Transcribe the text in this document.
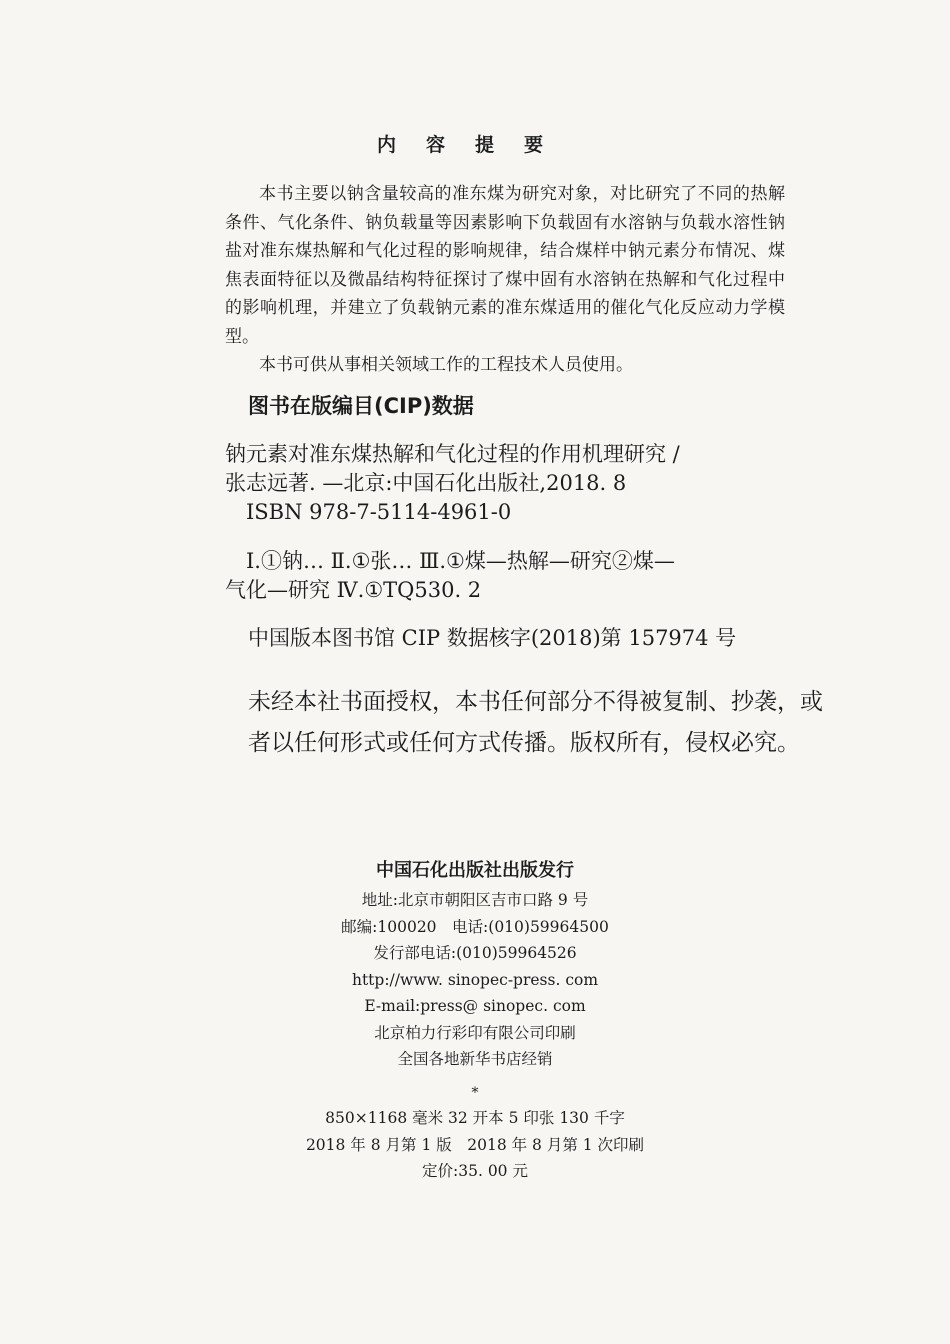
内容提要

本书主要以钠含量较高的准东煤为研究对象，对比研究了不同的热解条件、气化条件、钠负载量等因素影响下负载固有水溶钠与负载水溶性钠盐对准东煤热解和气化过程的影响规律，结合煤样中钠元素分布情况、煤焦表面特征以及微晶结构特征探讨了煤中固有水溶钠在热解和气化过程中的影响机理，并建立了负载钠元素的准东煤适用的催化气化反应动力学模型。

本书可供从事相关领域工作的工程技术人员使用。

图书在版编目(CIP)数据
钠元素对准东煤热解和气化过程的作用机理研究 /
张志远著. —北京:中国石化出版社,2018. 8
　ISBN 978-7-5114-4961-0
　Ⅰ.①钠… Ⅱ.①张… Ⅲ.①煤—热解—研究②煤—
气化—研究 Ⅳ.①TQ530. 2
中国版本图书馆 CIP 数据核字(2018)第 157974 号
未经本社书面授权，本书任何部分不得被复制、抄袭，或者以任何形式或任何方式传播。版权所有，侵权必究。
中国石化出版社出版发行
地址:北京市朝阳区吉市口路 9 号
邮编:100020　电话:(010)59964500
发行部电话:(010)59964526
http://www. sinopec-press. com
E-mail:press@ sinopec. com
北京柏力行彩印有限公司印刷
全国各地新华书店经销
*
850×1168 毫米 32 开本 5 印张 130 千字
2018 年 8 月第 1 版　2018 年 8 月第 1 次印刷
定价:35. 00 元
